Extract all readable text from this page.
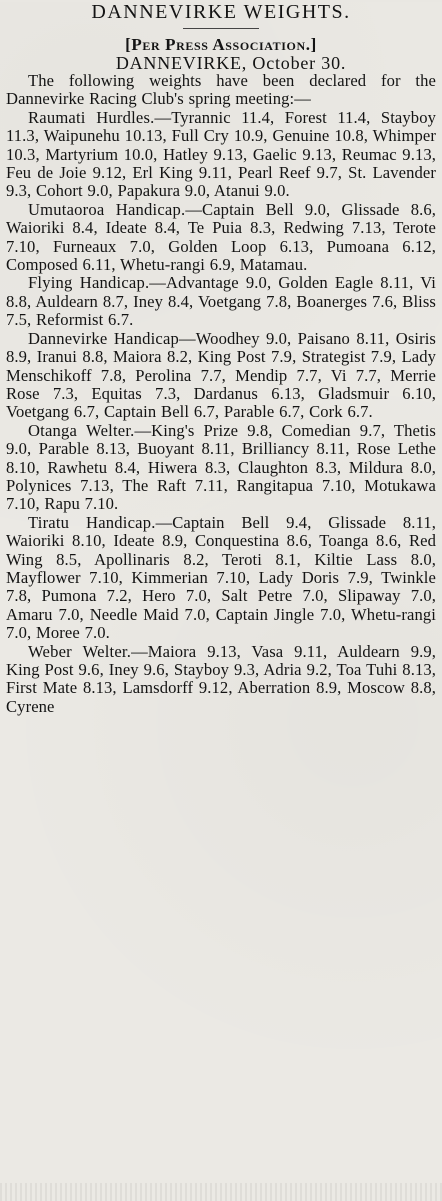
DANNEVIRKE WEIGHTS.
[Per Press Association.]
DANNEVIRKE, October 30.

The following weights have been declared for the Dannevirke Racing Club's spring meeting:—

Raumati Hurdles.—Tyrannic 11.4, Forest 11.4, Stayboy 11.3, Waipunehu 10.13, Full Cry 10.9, Genuine 10.8, Whimper 10.3, Martyrium 10.0, Hatley 9.13, Gaelic 9.13, Reumac 9.13, Feu de Joie 9.12, Erl King 9.11, Pearl Reef 9.7, St. Lavender 9.3, Cohort 9.0, Papakura 9.0, Atanui 9.0.

Umutaoroa Handicap.—Captain Bell 9.0, Glissade 8.6, Waioriki 8.4, Ideate 8.4, Te Puia 8.3, Redwing 7.13, Terote 7.10, Furneaux 7.0, Golden Loop 6.13, Pumoana 6.12, Composed 6.11, Whetu-rangi 6.9, Matamau.

Flying Handicap.—Advantage 9.0, Golden Eagle 8.11, Vi 8.8, Auldearn 8.7, Iney 8.4, Voetgang 7.8, Boanerges 7.6, Bliss 7.5, Reformist 6.7.

Dannevirke Handicap—Woodhey 9.0, Paisano 8.11, Osiris 8.9, Iranui 8.8, Maiora 8.2, King Post 7.9, Strategist 7.9, Lady Menschikoff 7.8, Perolina 7.7, Mendip 7.7, Vi 7.7, Merrie Rose 7.3, Equitas 7.3, Dardanus 6.13, Gladsmuir 6.10, Voetgang 6.7, Captain Bell 6.7, Parable 6.7, Cork 6.7.

Otanga Welter.—King's Prize 9.8, Comedian 9.7, Thetis 9.0, Parable 8.13, Buoyant 8.11, Brilliancy 8.11, Rose Lethe 8.10, Rawhetu 8.4, Hiwera 8.3, Claughton 8.3, Mildura 8.0, Polynices 7.13, The Raft 7.11, Rangitapua 7.10, Motukawa 7.10, Rapu 7.10.

Tiratu Handicap.—Captain Bell 9.4, Glissade 8.11, Waioriki 8.10, Ideate 8.9, Conquestina 8.6, Toanga 8.6, Red Wing 8.5, Apollinaris 8.2, Teroti 8.1, Kiltie Lass 8.0, Mayflower 7.10, Kimmerian 7.10, Lady Doris 7.9, Twinkle 7.8, Pumona 7.2, Hero 7.0, Salt Petre 7.0, Slipaway 7.0, Amaru 7.0, Needle Maid 7.0, Captain Jingle 7.0, Whetu-rangi 7.0, Moree 7.0.

Weber Welter.—Maiora 9.13, Vasa 9.11, Auldearn 9.9, King Post 9.6, Iney 9.6, Stayboy 9.3, Adria 9.2, Toa Tuhi 8.13, First Mate 8.13, Lamsdorff 9.12, Aberration 8.9, Moscow 8.8, Cyrene
